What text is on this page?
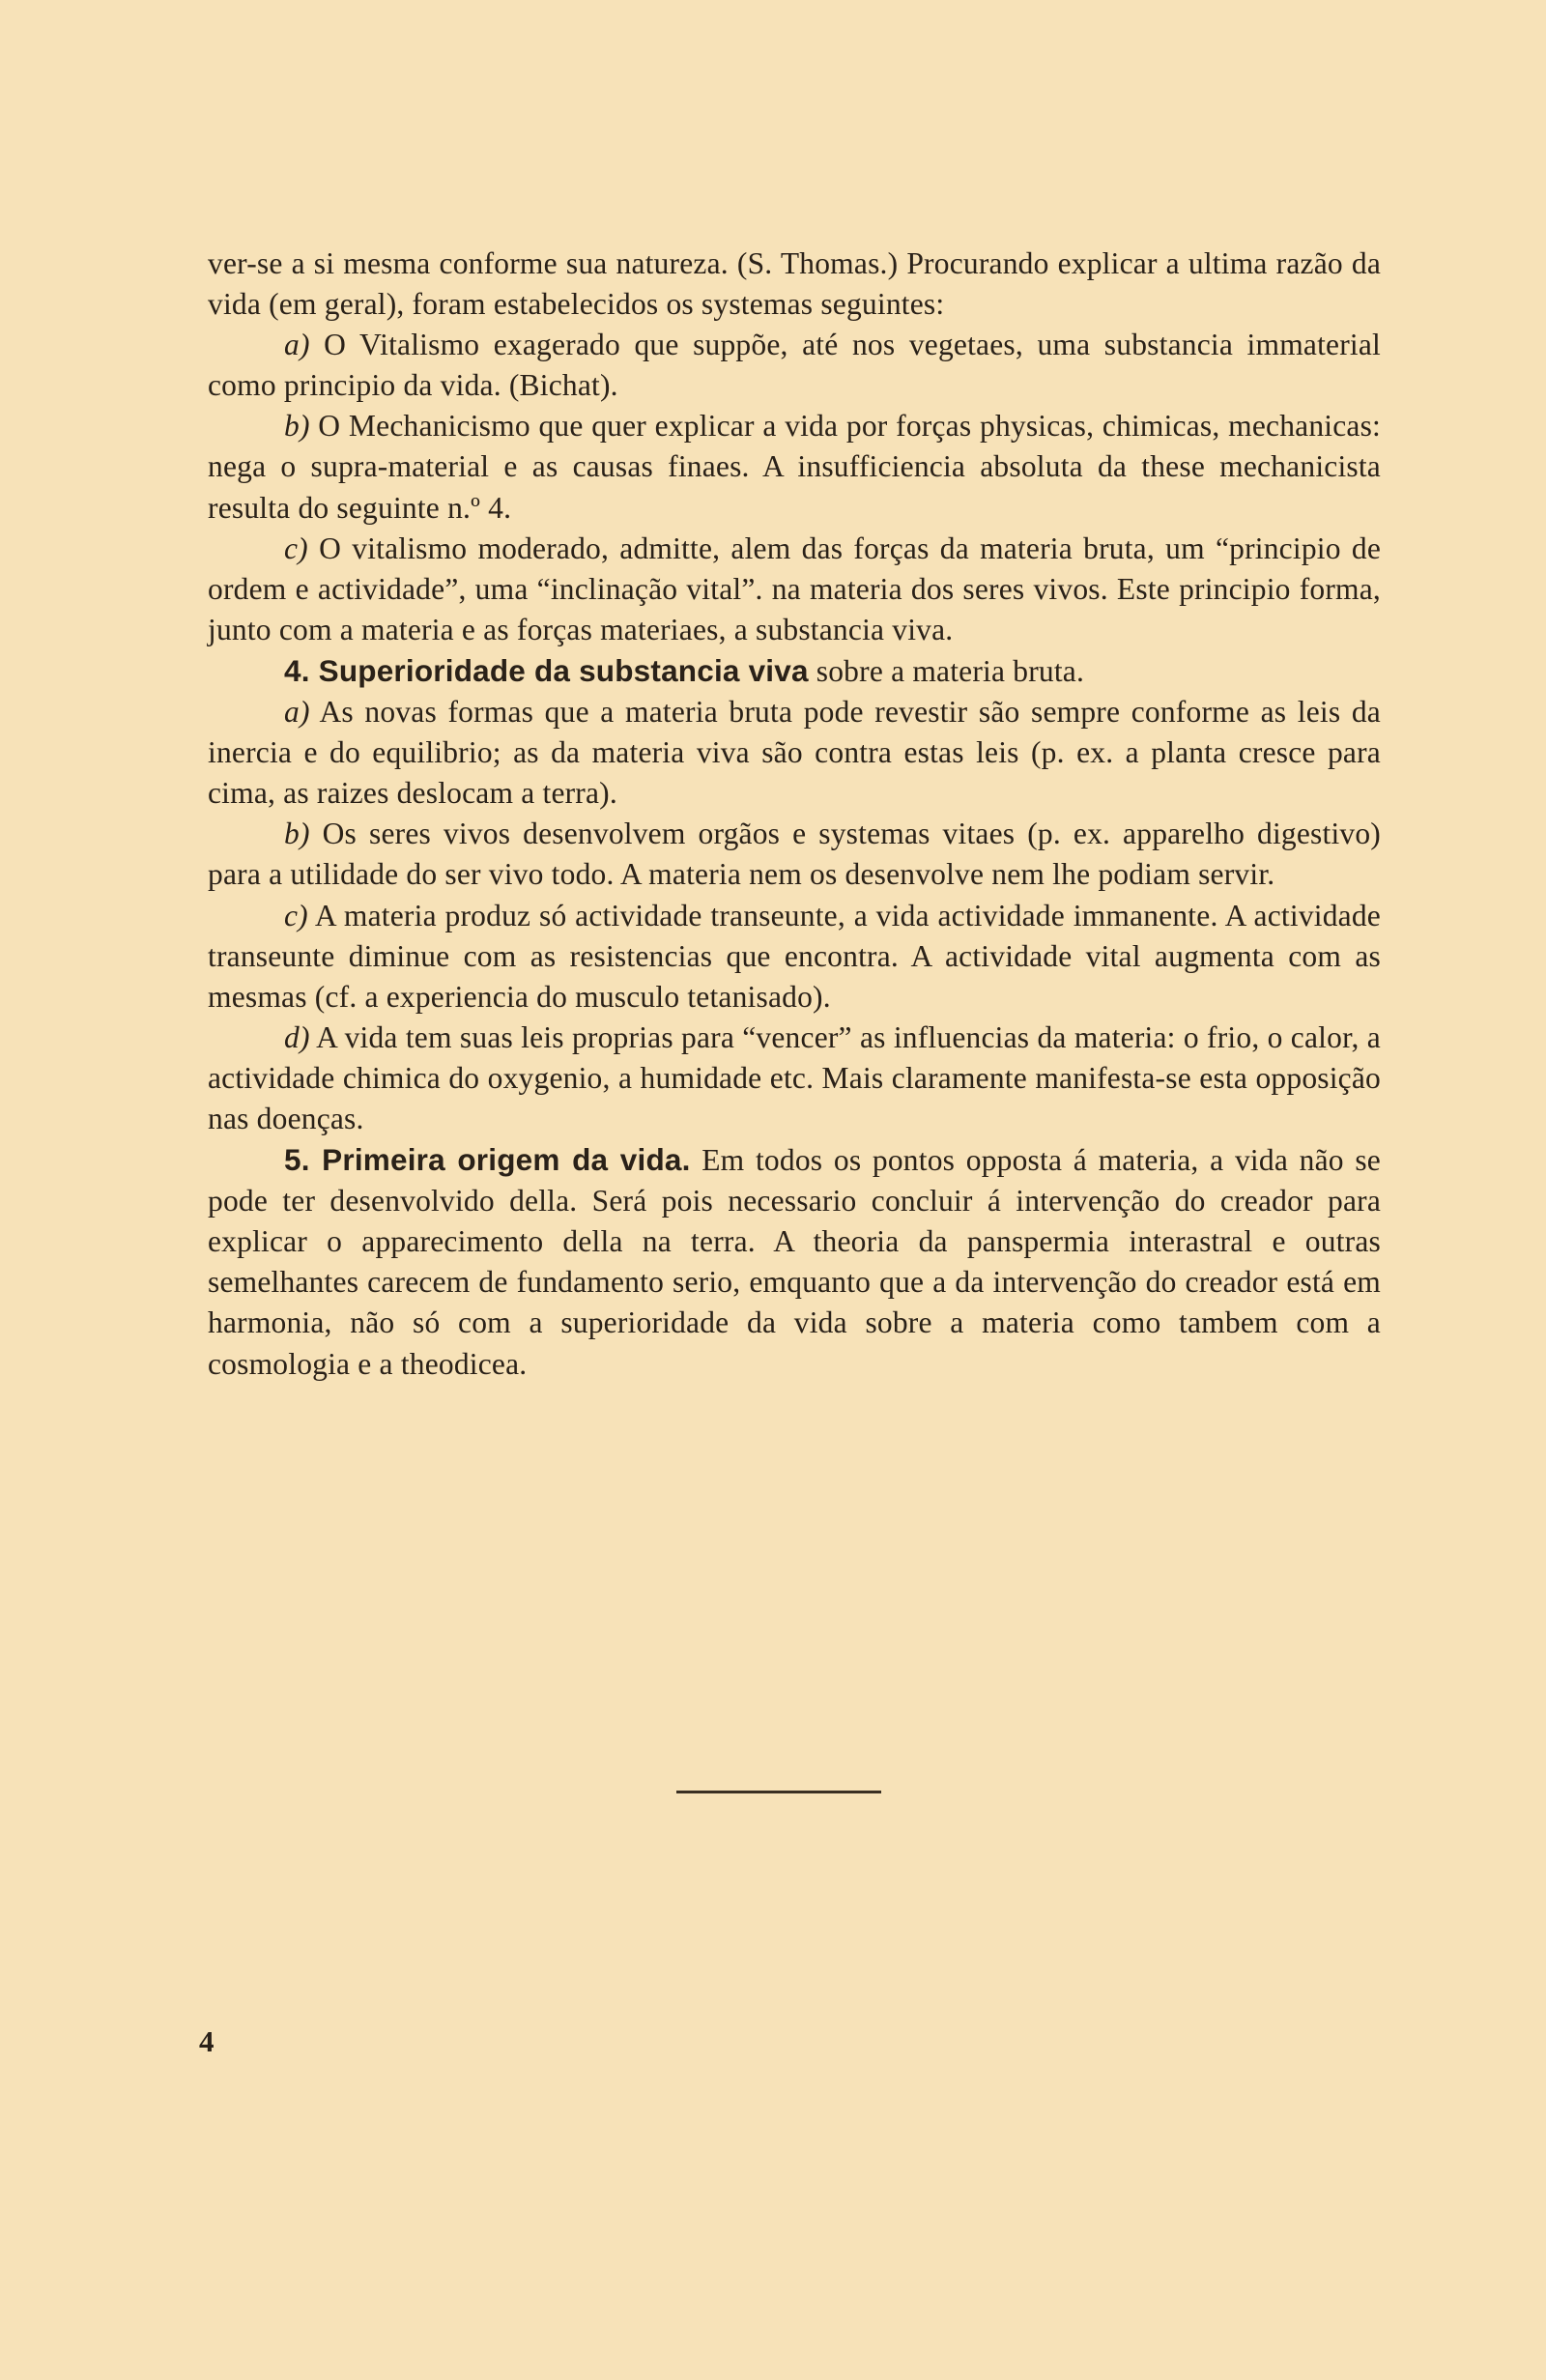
ver-se a si mesma conforme sua natureza. (S. Thomas.) Procurando explicar a ultima razão da vida (em geral), foram estabelecidos os systemas seguintes:

a) O Vitalismo exagerado que suppõe, até nos vegetaes, uma substancia immaterial como principio da vida. (Bichat).

b) O Mechanicismo que quer explicar a vida por forças physicas, chimicas, mechanicas: nega o supra-material e as causas finaes. A insufficiencia absoluta da these mechanicista resulta do seguinte n.º 4.

c) O vitalismo moderado, admitte, alem das forças da materia bruta, um “principio de ordem e actividade”, uma “inclinação vital”. na materia dos seres vivos. Este principio forma, junto com a materia e as forças materiaes, a substancia viva.

4. Superioridade da substancia viva sobre a materia bruta.

a) As novas formas que a materia bruta pode revestir são sempre conforme as leis da inercia e do equilibrio; as da materia viva são contra estas leis (p. ex. a planta cresce para cima, as raizes deslocam a terra).

b) Os seres vivos desenvolvem orgãos e systemas vitaes (p. ex. apparelho digestivo) para a utilidade do ser vivo todo. A materia nem os desenvolve nem lhe podiam servir.

c) A materia produz só actividade transeunte, a vida actividade immanente. A actividade transeunte diminue com as resistencias que encontra. A actividade vital augmenta com as mesmas (cf. a experiencia do musculo tetanisado).

d) A vida tem suas leis proprias para “vencer” as influencias da materia: o frio, o calor, a actividade chimica do oxygenio, a humidade etc. Mais claramente manifesta-se esta opposição nas doenças.

5. Primeira origem da vida. Em todos os pontos opposta á materia, a vida não se pode ter desenvolvido della. Será pois necessario concluir á intervenção do creador para explicar o apparecimento della na terra. A theoria da panspermia interastral e outras semelhantes carecem de fundamento serio, emquanto que a da intervenção do creador está em harmonia, não só com a superioridade da vida sobre a materia como tambem com a cosmologia e a theodicea.

4
